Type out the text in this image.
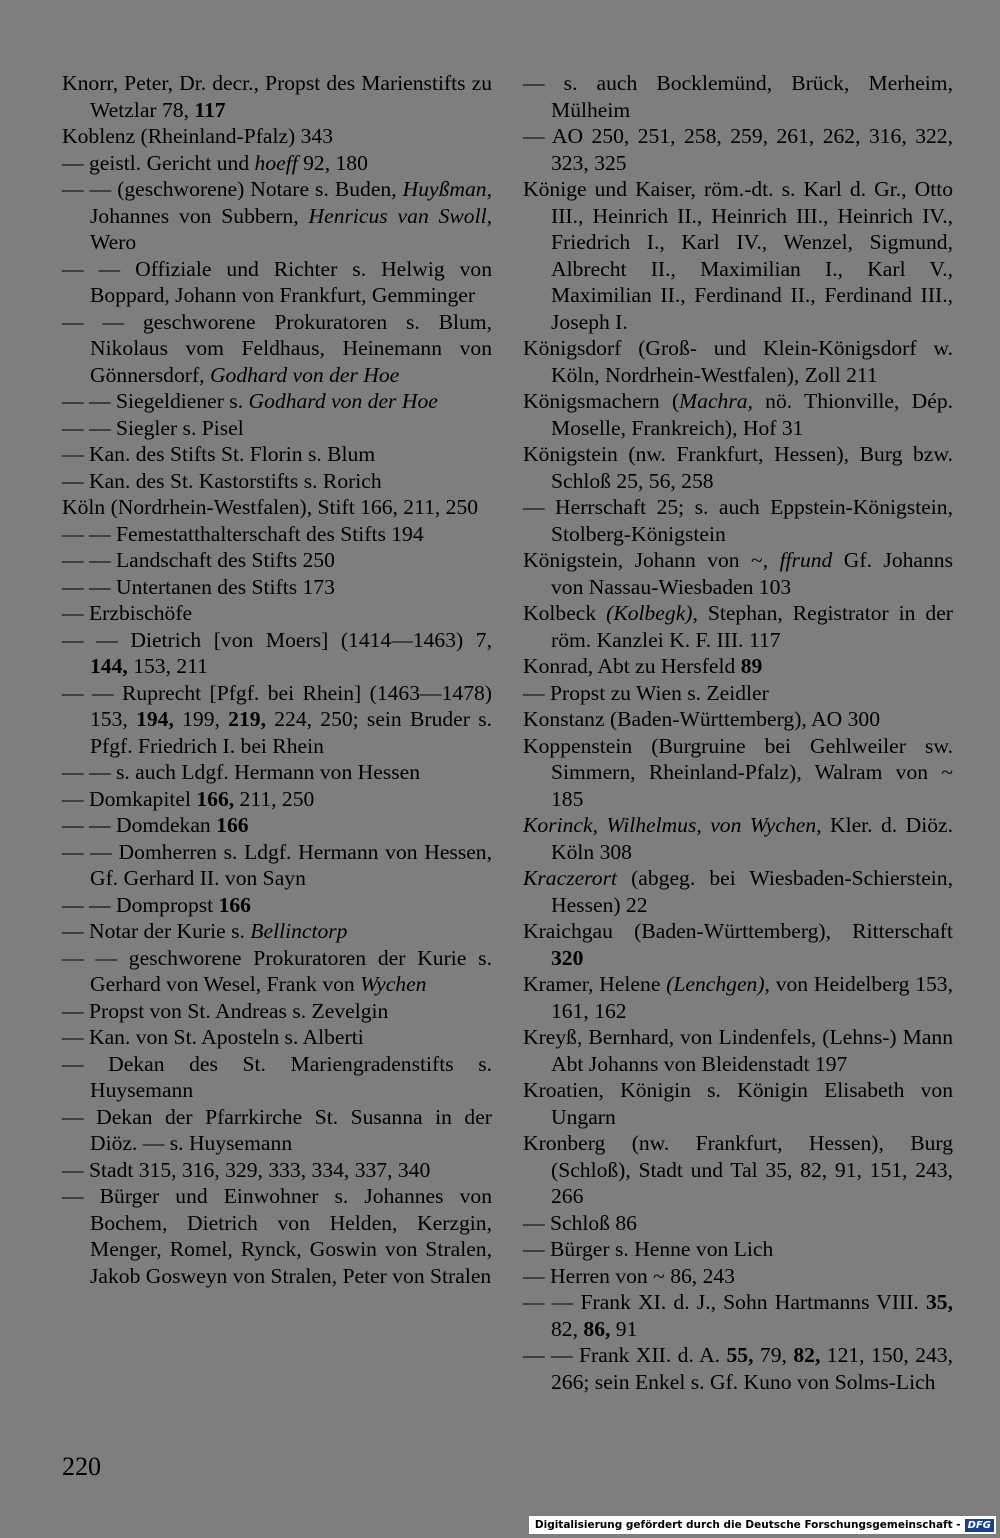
Knorr, Peter, Dr. decr., Propst des Marienstifts zu Wetzlar 78, 117
Koblenz (Rheinland-Pfalz) 343
— geistl. Gericht und hoeff 92, 180
— — (geschworene) Notare s. Buden, Huyßman, Johannes von Subbern, Henricus van Swoll, Wero
— — Offiziale und Richter s. Helwig von Boppard, Johann von Frankfurt, Gemminger
— — geschworene Prokuratoren s. Blum, Nikolaus vom Feldhaus, Heinemann von Gönnersdorf, Godhard von der Hoe
— — Siegeldiener s. Godhard von der Hoe
— — Siegler s. Pisel
— Kan. des Stifts St. Florin s. Blum
— Kan. des St. Kastorstifts s. Rorich
Köln (Nordrhein-Westfalen), Stift 166, 211, 250
— — Femestatthalterschaft des Stifts 194
— — Landschaft des Stifts 250
— — Untertanen des Stifts 173
— Erzbischöfe
— — Dietrich [von Moers] (1414—1463) 7, 144, 153, 211
— — Ruprecht [Pfgf. bei Rhein] (1463—1478) 153, 194, 199, 219, 224, 250; sein Bruder s. Pfgf. Friedrich I. bei Rhein
— — s. auch Ldgf. Hermann von Hessen
— Domkapitel 166, 211, 250
— — Domdekan 166
— — Domherren s. Ldgf. Hermann von Hessen, Gf. Gerhard II. von Sayn
— — Dompropst 166
— Notar der Kurie s. Bellinctorp
— — geschworene Prokuratoren der Kurie s. Gerhard von Wesel, Frank von Wychen
— Propst von St. Andreas s. Zevelgin
— Kan. von St. Aposteln s. Alberti
— Dekan des St. Mariengradenstifts s. Huysemann
— Dekan der Pfarrkirche St. Susanna in der Diöz. — s. Huysemann
— Stadt 315, 316, 329, 333, 334, 337, 340
— Bürger und Einwohner s. Johannes von Bochem, Dietrich von Helden, Kerzgin, Menger, Romel, Rynck, Goswin von Stralen, Jakob Gosweyn von Stralen, Peter von Stralen
— s. auch Bocklemünd, Brück, Merheim, Mülheim
— AO 250, 251, 258, 259, 261, 262, 316, 322, 323, 325
Könige und Kaiser, röm.-dt. s. Karl d. Gr., Otto III., Heinrich II., Heinrich III., Heinrich IV., Friedrich I., Karl IV., Wenzel, Sigmund, Albrecht II., Maximilian I., Karl V., Maximilian II., Ferdinand II., Ferdinand III., Joseph I.
Königsdorf (Groß- und Klein-Königsdorf w. Köln, Nordrhein-Westfalen), Zoll 211
Königsmachern (Machra, nö. Thionville, Dép. Moselle, Frankreich), Hof 31
Königstein (nw. Frankfurt, Hessen), Burg bzw. Schloß 25, 56, 258
— Herrschaft 25; s. auch Eppstein-Königstein, Stolberg-Königstein
Königstein, Johann von ~, ffrund Gf. Johanns von Nassau-Wiesbaden 103
Kolbeck (Kolbegk), Stephan, Registrator in der röm. Kanzlei K. F. III. 117
Konrad, Abt zu Hersfeld 89
— Propst zu Wien s. Zeidler
Konstanz (Baden-Württemberg), AO 300
Koppenstein (Burgruine bei Gehlweiler sw. Simmern, Rheinland-Pfalz), Walram von ~ 185
Korinck, Wilhelmus, von Wychen, Kler. d. Diöz. Köln 308
Kraczerort (abgeg. bei Wiesbaden-Schierstein, Hessen) 22
Kraichgau (Baden-Württemberg), Ritterschaft 320
Kramer, Helene (Lenchgen), von Heidelberg 153, 161, 162
Kreyß, Bernhard, von Lindenfels, (Lehns-) Mann Abt Johanns von Bleidenstadt 197
Kroatien, Königin s. Königin Elisabeth von Ungarn
Kronberg (nw. Frankfurt, Hessen), Burg (Schloß), Stadt und Tal 35, 82, 91, 151, 243, 266
— Schloß 86
— Bürger s. Henne von Lich
— Herren von ~ 86, 243
— — Frank XI. d. J., Sohn Hartmanns VIII. 35, 82, 86, 91
— — Frank XII. d. A. 55, 79, 82, 121, 150, 243, 266; sein Enkel s. Gf. Kuno von Solms-Lich
220
Digitalisierung gefördert durch die Deutsche Forschungsgemeinschaft - DFG
